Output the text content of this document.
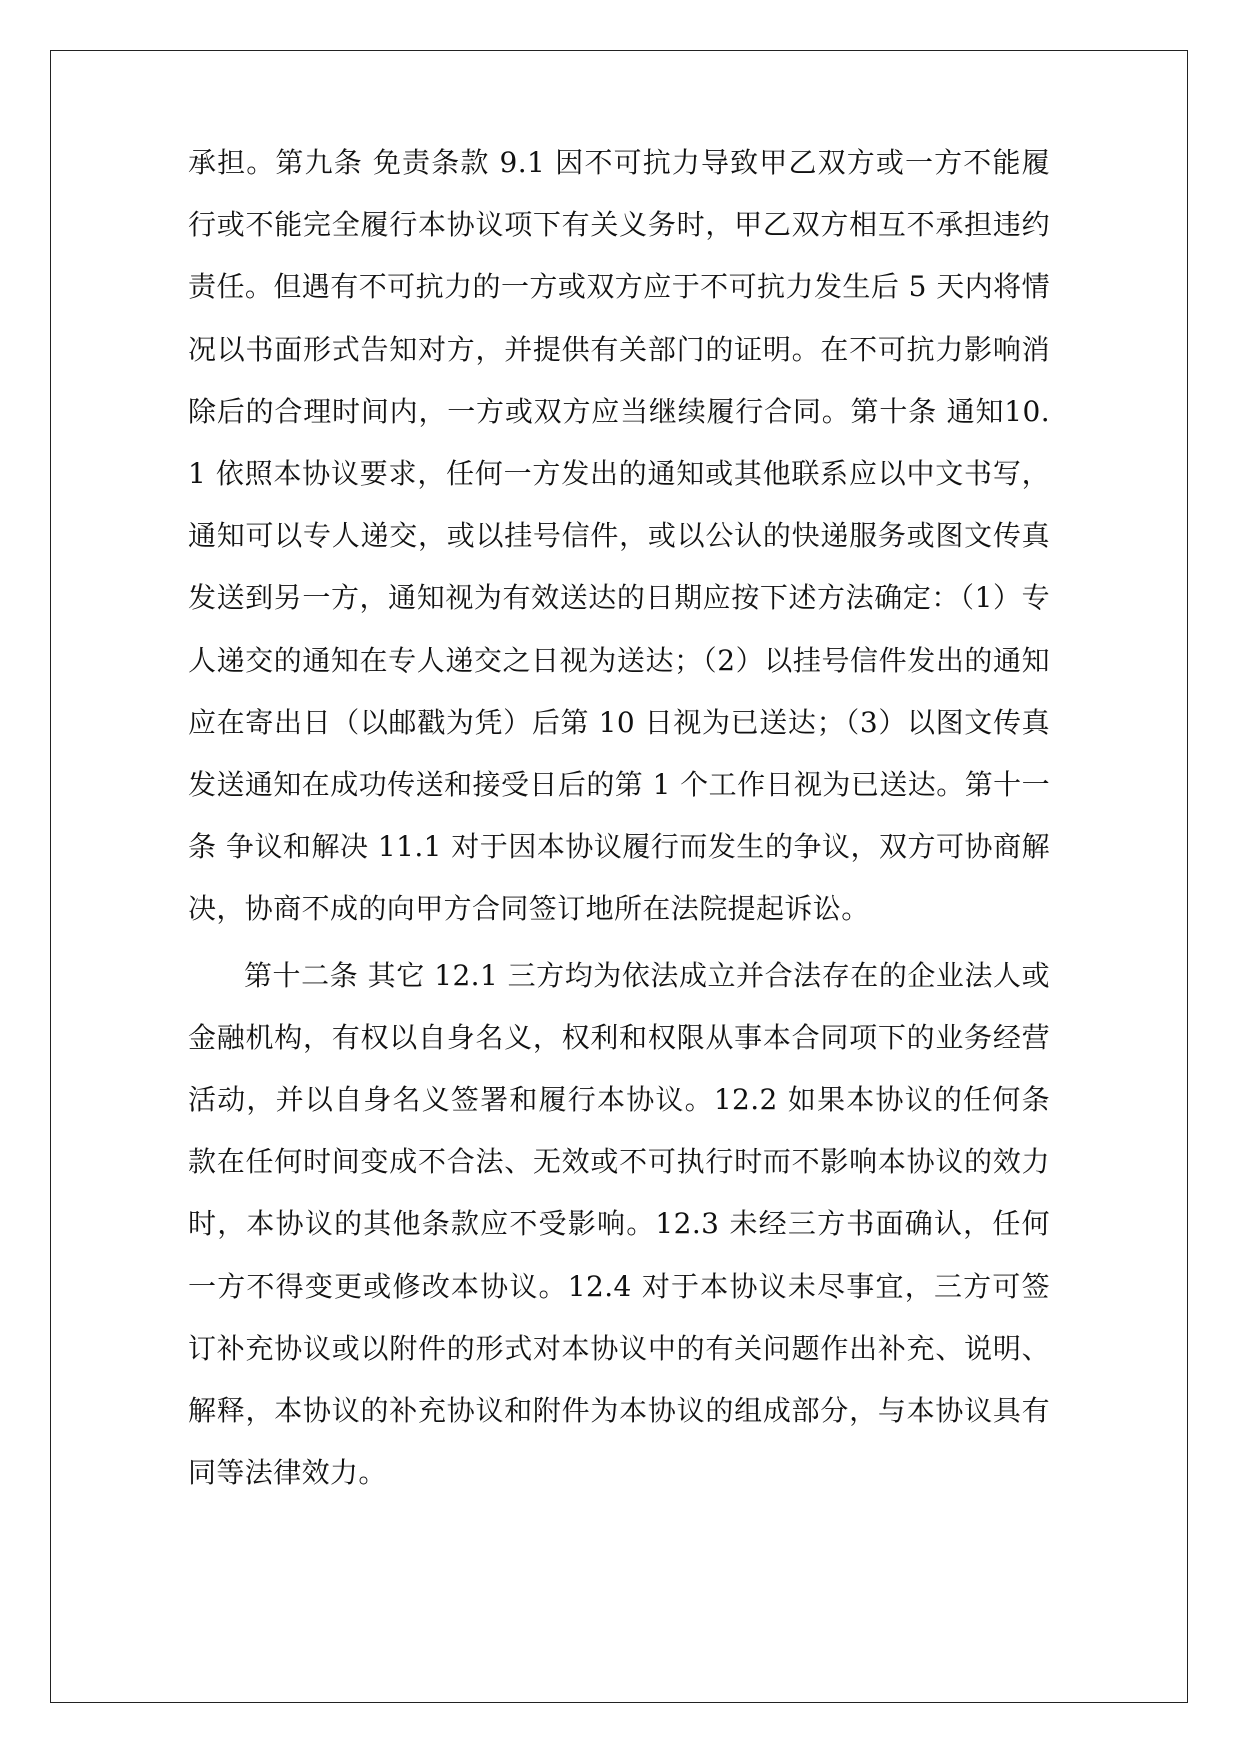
承担。第九条 免责条款 9.1 因不可抗力导致甲乙双方或一方不能履行或不能完全履行本协议项下有关义务时，甲乙双方相互不承担违约责任。但遇有不可抗力的一方或双方应于不可抗力发生后 5 天内将情况以书面形式告知对方，并提供有关部门的证明。在不可抗力影响消除后的合理时间内，一方或双方应当继续履行合同。第十条 通知10.1 依照本协议要求，任何一方发出的通知或其他联系应以中文书写，通知可以专人递交，或以挂号信件，或以公认的快递服务或图文传真发送到另一方，通知视为有效送达的日期应按下述方法确定：（1）专人递交的通知在专人递交之日视为送达；（2）以挂号信件发出的通知应在寄出日（以邮戳为凭）后第 10 日视为已送达；（3）以图文传真发送通知在成功传送和接受日后的第 1 个工作日视为已送达。第十一条 争议和解决 11.1 对于因本协议履行而发生的争议，双方可协商解决，协商不成的向甲方合同签订地所在法院提起诉讼。

第十二条 其它 12.1 三方均为依法成立并合法存在的企业法人或金融机构，有权以自身名义，权利和权限从事本合同项下的业务经营活动，并以自身名义签署和履行本协议。12.2 如果本协议的任何条款在任何时间变成不合法、无效或不可执行时而不影响本协议的效力时，本协议的其他条款应不受影响。12.3 未经三方书面确认，任何一方不得变更或修改本协议。12.4 对于本协议未尽事宜，三方可签订补充协议或以附件的形式对本协议中的有关问题作出补充、说明、解释，本协议的补充协议和附件为本协议的组成部分，与本协议具有同等法律效力。
